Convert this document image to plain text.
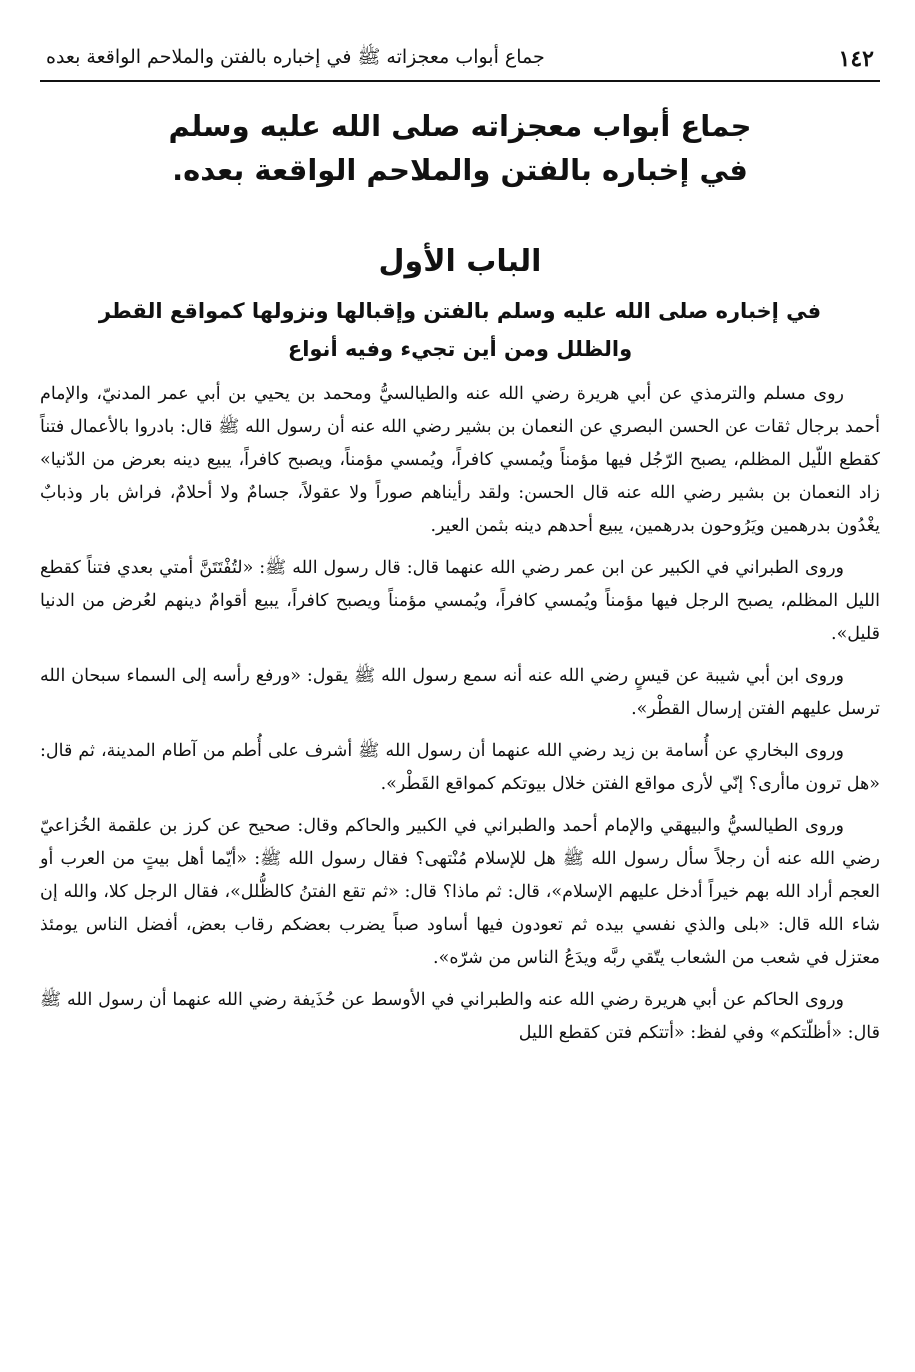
١٤٢
جماع أبواب معجزاته ﷺ في إخباره بالفتن والملاحم الواقعة بعده
جماع أبواب معجزاته صلى الله عليه وسلم
في إخباره بالفتن والملاحم الواقعة بعده.
الباب الأول
في إخباره صلى الله عليه وسلم بالفتن وإقبالها ونزولها كمواقع القطر
والظلل ومن أين تجيء وفيه أنواع

روى مسلم والترمذي عن أبي هريرة رضي الله عنه والطيالسيُّ ومحمد بن يحيي بن أبي عمر المدنيّ، والإمام أحمد برجال ثقات عن الحسن البصري عن النعمان بن بشير رضي الله عنه أن رسول الله ﷺ قال: بادروا بالأعمال فتناً كقطع اللّيل المظلم، يصبح الرّجُل فيها مؤمناً ويُمسي كافراً، ويُمسي مؤمناً، ويصبح كافراً، يبيع دينه بعرض من الدّنيا» زاد النعمان بن بشير رضي الله عنه قال الحسن: ولقد رأيناهم صوراً ولا عقولاً، جسامٌ ولا أحلامٌ، فراش بار وذبابٌ يغْدُون بدرهمين ويَرُوحون بدرهمين، يبيع أحدهم دينه بثمن العير.

وروى الطبراني في الكبير عن ابن عمر رضي الله عنهما قال: قال رسول الله ﷺ: «لتُفْتَتَنَّ أمتي بعدي فتناً كقطع الليل المظلم، يصبح الرجل فيها مؤمناً ويُمسي كافراً، ويُمسي مؤمناً ويصبح كافراً، يبيع أقوامٌ دينهم لعُرض من الدنيا قليل».

وروى ابن أبي شيبة عن قيسٍ رضي الله عنه أنه سمع رسول الله ﷺ يقول: «ورفع رأسه إلى السماء سبحان الله ترسل عليهم الفتن إرسال القطْر».

وروى البخاري عن أُسامة بن زيد رضي الله عنهما أن رسول الله ﷺ أشرف على أُطم من آطام المدينة، ثم قال: «هل ترون ماأرى؟ إنّي لأرى مواقع الفتن خلال بيوتكم كمواقع القَطْر».

وروى الطيالسيُّ والبيهقي والإمام أحمد والطبراني في الكبير والحاكم وقال: صحيح عن كرز بن علقمة الخُزاعيّ رضي الله عنه أن رجلاً سأل رسول الله ﷺ هل للإسلام مُنْتهى؟ فقال رسول الله ﷺ: «أيّما أهل بيتٍ من العرب أو العجم أراد الله بهم خيراً أدخل عليهم الإسلام»، قال: ثم ماذا؟ قال: «ثم تقع الفتنُ كالظُّلل»، فقال الرجل كلا، والله إن شاء الله قال: «بلى والذي نفسي بيده ثم تعودون فيها أساود صباً يضرب بعضكم رقاب بعض، أفضل الناس يومئذ معتزل في شعب من الشعاب يتّقي ربَّه ويدَعُ الناس من شرّه».

وروى الحاكم عن أبي هريرة رضي الله عنه والطبراني في الأوسط عن حُذَيفة رضي الله عنهما أن رسول الله ﷺ قال: «أظلّتكم» وفي لفظ: «أتتكم فتن كقطع الليل
